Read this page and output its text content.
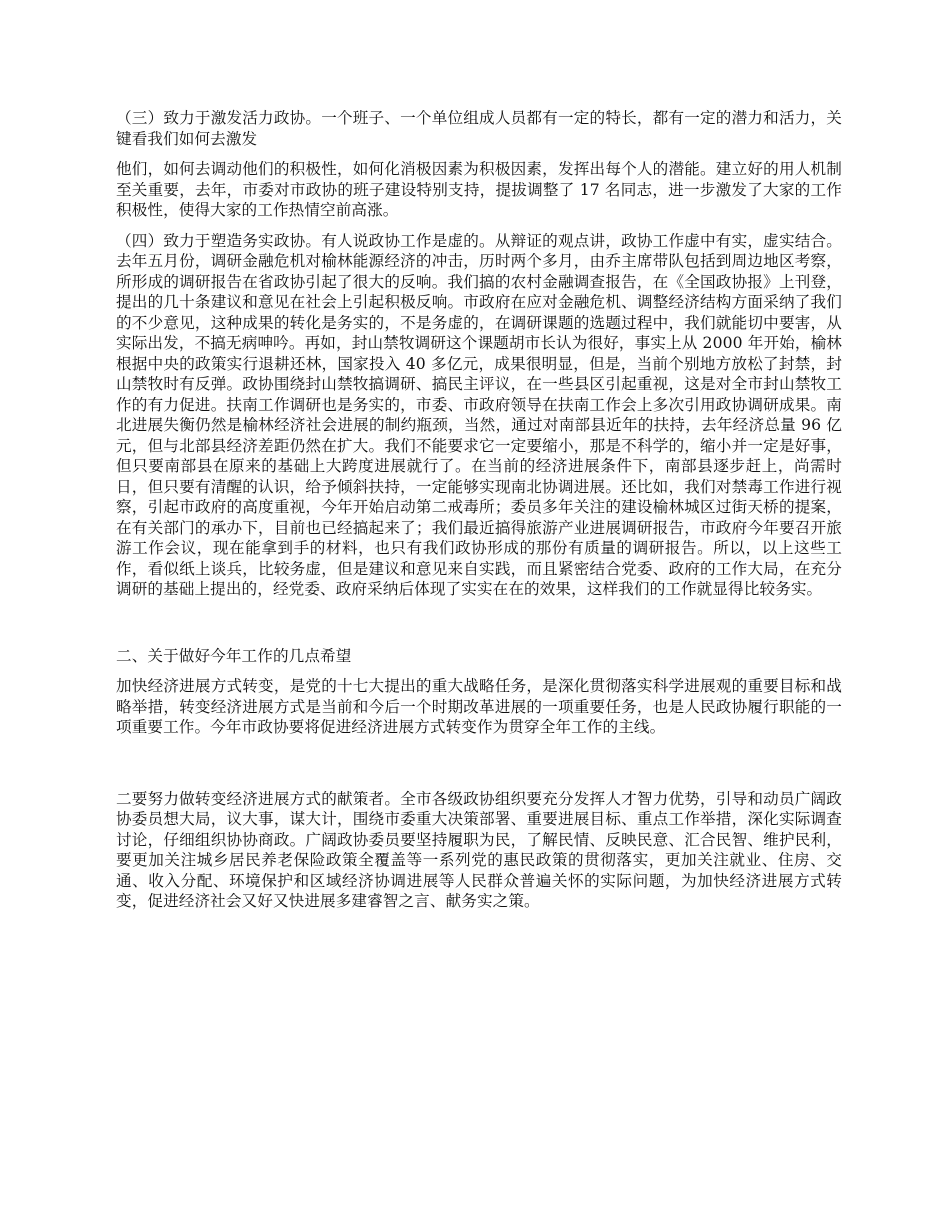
（三）致力于激发活力政协。一个班子、一个单位组成人员都有一定的特长，都有一定的潜力和活力，关键看我们如何去激发

他们，如何去调动他们的积极性，如何化消极因素为积极因素，发挥出每个人的潜能。建立好的用人机制至关重要，去年，市委对市政协的班子建设特别支持，提拔调整了 17 名同志，进一步激发了大家的工作积极性，使得大家的工作热情空前高涨。

（四）致力于塑造务实政协。有人说政协工作是虚的。从辩证的观点讲，政协工作虚中有实，虚实结合。去年五月份，调研金融危机对榆林能源经济的冲击，历时两个多月，由乔主席带队包括到周边地区考察，所形成的调研报告在省政协引起了很大的反响。我们搞的农村金融调查报告，在《全国政协报》上刊登，提出的几十条建议和意见在社会上引起积极反响。市政府在应对金融危机、调整经济结构方面采纳了我们的不少意见，这种成果的转化是务实的，不是务虚的，在调研课题的选题过程中，我们就能切中要害，从实际出发，不搞无病呻吟。再如，封山禁牧调研这个课题胡市长认为很好，事实上从 2000 年开始，榆林根据中央的政策实行退耕还林，国家投入 40 多亿元，成果很明显，但是，当前个别地方放松了封禁，封山禁牧时有反弹。政协围绕封山禁牧搞调研、搞民主评议，在一些县区引起重视，这是对全市封山禁牧工作的有力促进。扶南工作调研也是务实的，市委、市政府领导在扶南工作会上多次引用政协调研成果。南北进展失衡仍然是榆林经济社会进展的制约瓶颈，当然，通过对南部县近年的扶持，去年经济总量 96 亿元，但与北部县经济差距仍然在扩大。我们不能要求它一定要缩小，那是不科学的，缩小并一定是好事，但只要南部县在原来的基础上大跨度进展就行了。在当前的经济进展条件下，南部县逐步赶上，尚需时日，但只要有清醒的认识，给予倾斜扶持，一定能够实现南北协调进展。还比如，我们对禁毒工作进行视察，引起市政府的高度重视，今年开始启动第二戒毒所；委员多年关注的建设榆林城区过街天桥的提案，在有关部门的承办下，目前也已经搞起来了；我们最近搞得旅游产业进展调研报告，市政府今年要召开旅游工作会议，现在能拿到手的材料，也只有我们政协形成的那份有质量的调研报告。所以，以上这些工作，看似纸上谈兵，比较务虚，但是建议和意见来自实践，而且紧密结合党委、政府的工作大局，在充分调研的基础上提出的，经党委、政府采纳后体现了实实在在的效果，这样我们的工作就显得比较务实。

二、关于做好今年工作的几点希望

加快经济进展方式转变，是党的十七大提出的重大战略任务，是深化贯彻落实科学进展观的重要目标和战略举措，转变经济进展方式是当前和今后一个时期改革进展的一项重要任务，也是人民政协履行职能的一项重要工作。今年市政协要将促进经济进展方式转变作为贯穿全年工作的主线。

二要努力做转变经济进展方式的献策者。全市各级政协组织要充分发挥人才智力优势，引导和动员广阔政协委员想大局，议大事，谋大计，围绕市委重大决策部署、重要进展目标、重点工作举措，深化实际调查讨论，仔细组织协协商政。广阔政协委员要坚持履职为民，了解民情、反映民意、汇合民智、维护民利，要更加关注城乡居民养老保险政策全覆盖等一系列党的惠民政策的贯彻落实，更加关注就业、住房、交通、收入分配、环境保护和区域经济协调进展等人民群众普遍关怀的实际问题，为加快经济进展方式转变，促进经济社会又好又快进展多建睿智之言、献务实之策。
